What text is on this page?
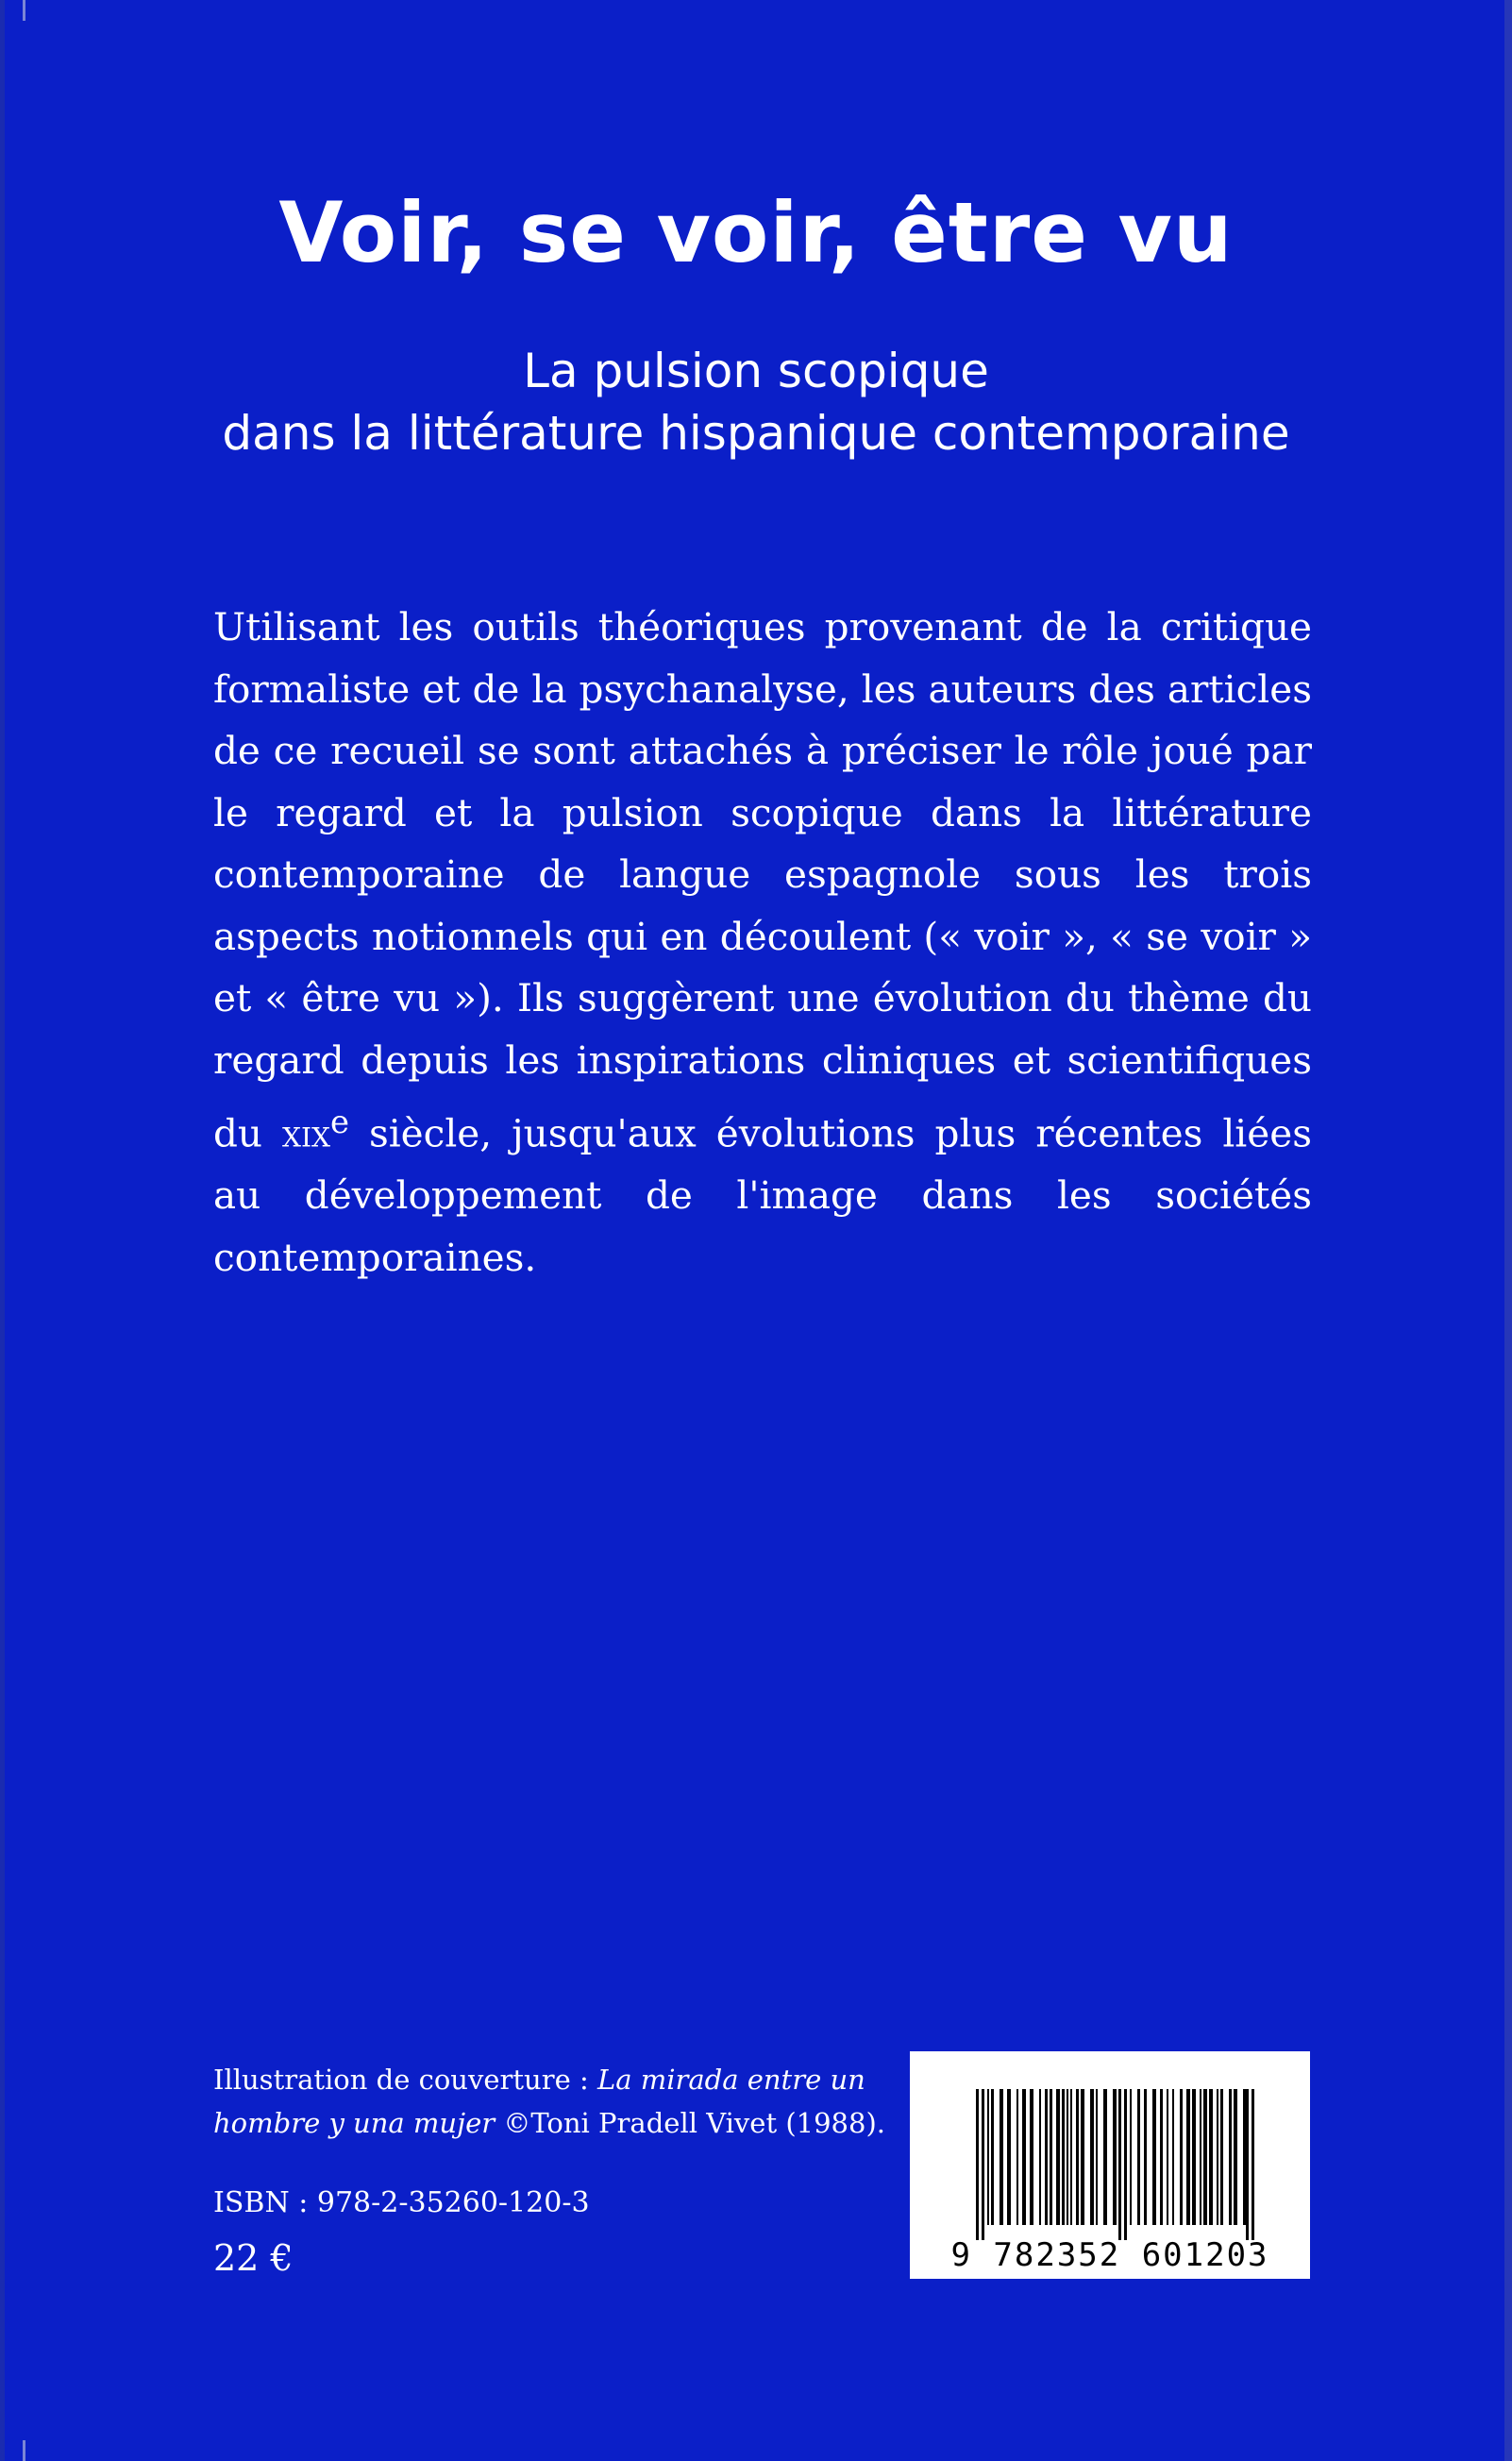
Voir, se voir, être vu
La pulsion scopique
dans la littérature hispanique contemporaine

Utilisant les outils théoriques provenant de la critique formaliste et de la psychanalyse, les auteurs des articles de ce recueil se sont attachés à préciser le rôle joué par le regard et la pulsion scopique dans la littérature contemporaine de langue espagnole sous les trois aspects notionnels qui en découlent (« voir », « se voir » et « être vu »). Ils suggèrent une évolution du thème du regard depuis les inspirations cliniques et scientifiques du xix$^e$ siècle, jusqu'aux évolutions plus récentes liées au développement de l'image dans les sociétés contemporaines.

Illustration de couverture : La mirada entre un hombre y una mujer ©Toni Pradell Vivet (1988).
ISBN : 978-2-35260-120-3
22 €	9 782352 601203
